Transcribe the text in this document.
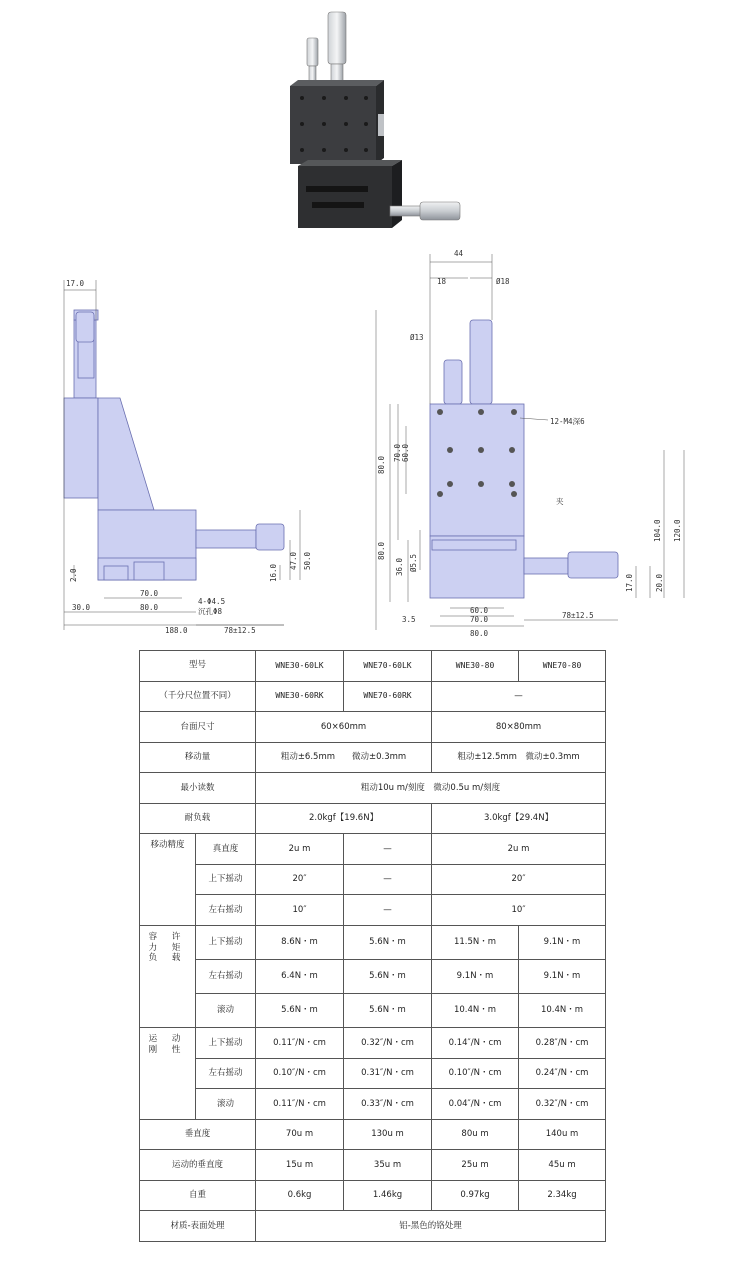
17.0
2.0
30.0
70.0
80.0
188.0	78±12.5
16.0
47.0 50.0
4-Φ4.5
沉孔Φ8
44
18	Ø18
Ø13
12-M4深6
夹
80.0
70.0 60.0
80.0
36.0 Ø5.5
104.0 120.0
17.0	20.0
3.5
60.0
70.0
80.0
78±12.5
型号		WNE30-60LK	WNE70-60LK	WNE30-80	WNE70-80
（千分尺位置不同）		WNE30-60RK	WNE70-60RK	—	
台面尺寸		60×60mm		80×80mm	
移动量		粗动±6.5mm　　微动±0.3mm		粗动±12.5mm　微动±0.3mm	
最小读数		粗动10u m/刻度　微动0.5u m/刻度			
耐负载		2.0kgf【19.6N】		3.0kgf【29.4N】	
移动精度	真直度	2u m	—	2u m	
	上下摇动	20″	—	20″	
	左右摇动	10″	—	10″	

容 许
力 矩
负 载	上下摇动	8.6N・m	5.6N・m	11.5N・m	9.1N・m
	左右摇动	6.4N・m	5.6N・m	9.1N・m	9.1N・m
	滚动	5.6N・m	5.6N・m	10.4N・m	10.4N・m

运 动
刚 性	上下摇动	0.11″/N・cm	0.32″/N・cm	0.14″/N・cm	0.28″/N・cm
	左右摇动	0.10″/N・cm	0.31″/N・cm	0.10″/N・cm	0.24″/N・cm
	滚动	0.11″/N・cm	0.33″/N・cm	0.04″/N・cm	0.32″/N・cm
垂直度		70u m	130u m	80u m	140u m
运动的垂直度		15u m	35u m	25u m	45u m
自重		0.6kg	1.46kg	0.97kg	2.34kg
材质-表面处理		铝-黑色的铬处理			
